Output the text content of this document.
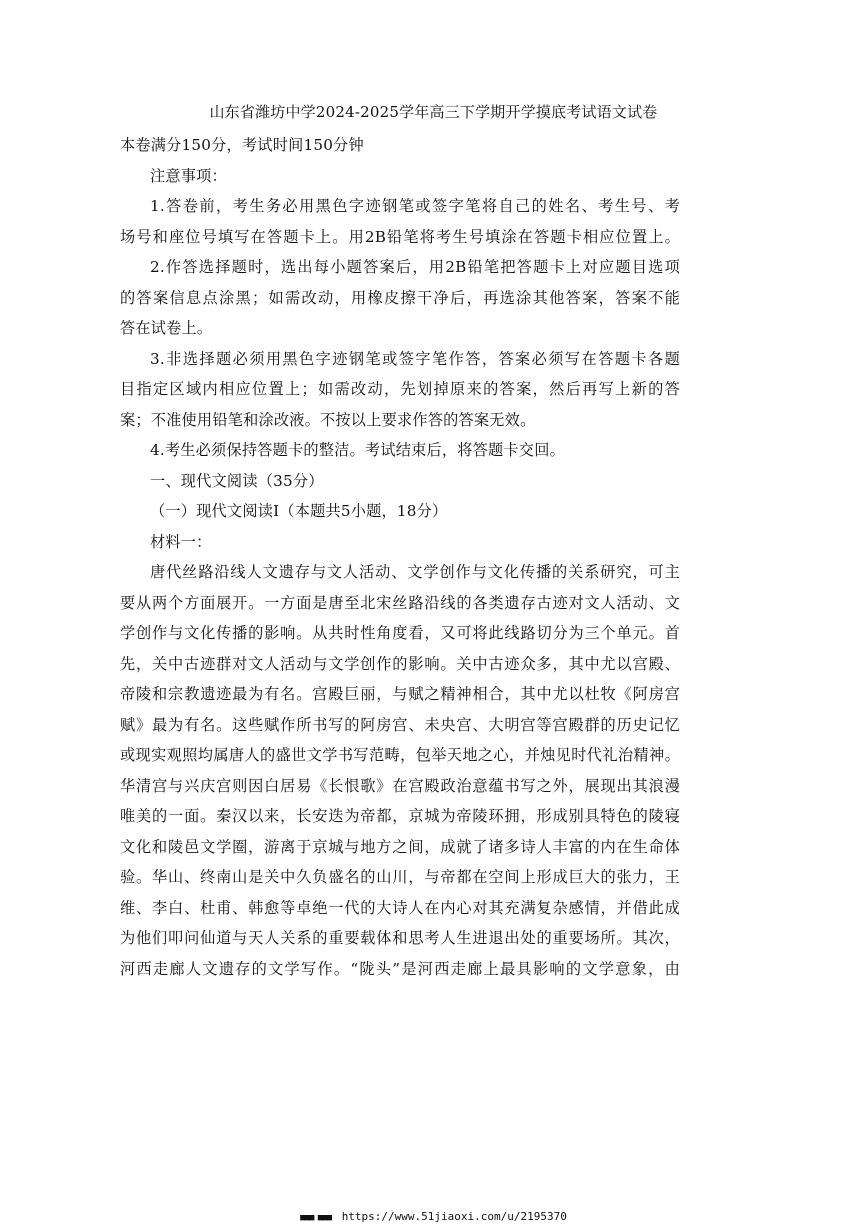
山东省潍坊中学2024-2025学年高三下学期开学摸底考试语文试卷
本卷满分150分，考试时间150分钟
注意事项：
1.答卷前，考生务必用黑色字迹钢笔或签字笔将自己的姓名、考生号、考
场号和座位号填写在答题卡上。用2B铅笔将考生号填涂在答题卡相应位置上。
2.作答选择题时，选出每小题答案后，用2B铅笔把答题卡上对应题目选项
的答案信息点涂黑；如需改动，用橡皮擦干净后，再选涂其他答案，答案不能
答在试卷上。
3.非选择题必须用黑色字迹钢笔或签字笔作答，答案必须写在答题卡各题
目指定区域内相应位置上；如需改动，先划掉原来的答案，然后再写上新的答
案；不准使用铅笔和涂改液。不按以上要求作答的答案无效。
4.考生必须保持答题卡的整洁。考试结束后，将答题卡交回。
一、现代文阅读（35分）
（一）现代文阅读Ⅰ（本题共5小题，18分）
材料一：
唐代丝路沿线人文遗存与文人活动、文学创作与文化传播的关系研究，可主
要从两个方面展开。一方面是唐至北宋丝路沿线的各类遗存古迹对文人活动、文
学创作与文化传播的影响。从共时性角度看，又可将此线路切分为三个单元。首
先，关中古迹群对文人活动与文学创作的影响。关中古迹众多，其中尤以宫殿、
帝陵和宗教遗迹最为有名。宫殿巨丽，与赋之精神相合，其中尤以杜牧《阿房宫
赋》最为有名。这些赋作所书写的阿房宫、未央宫、大明宫等宫殿群的历史记忆
或现实观照均属唐人的盛世文学书写范畴，包举天地之心，并烛见时代礼治精神。
华清宫与兴庆宫则因白居易《长恨歌》在宫殿政治意蕴书写之外，展现出其浪漫
唯美的一面。秦汉以来，长安迭为帝都，京城为帝陵环拥，形成别具特色的陵寝
文化和陵邑文学圈，游离于京城与地方之间，成就了诸多诗人丰富的内在生命体
验。华山、终南山是关中久负盛名的山川，与帝都在空间上形成巨大的张力，王
维、李白、杜甫、韩愈等卓绝一代的大诗人在内心对其充满复杂感情，并借此成
为他们叩问仙道与天人关系的重要载体和思考人生进退出处的重要场所。其次，
河西走廊人文遗存的文学写作。“陇头”是河西走廊上最具影响的文学意象，由
■■■ ■■■ https://www.51jiaoxi.com/u/2195370
